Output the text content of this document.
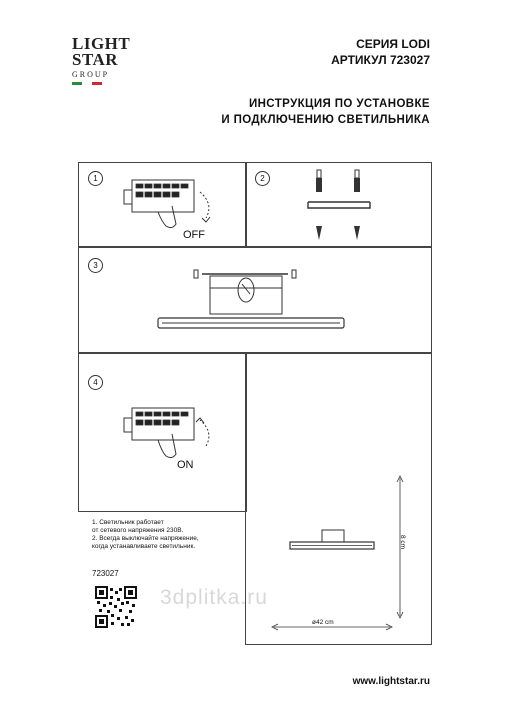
LIGHT
STAR
GROUP
СЕРИЯ LODI
АРТИКУЛ 723027
ИНСТРУКЦИЯ ПО УСТАНОВКЕ
И ПОДКЛЮЧЕНИЮ СВЕТИЛЬНИКА
1	2
3
4
OFF
ON
1. Светильник работает
от сетевого напряжения 230В.
2. Всегда выключайте напряжение,
когда устанавливаете светильник.
723027
3dplitka.ru
8 cm
ø42 cm
www.lightstar.ru
